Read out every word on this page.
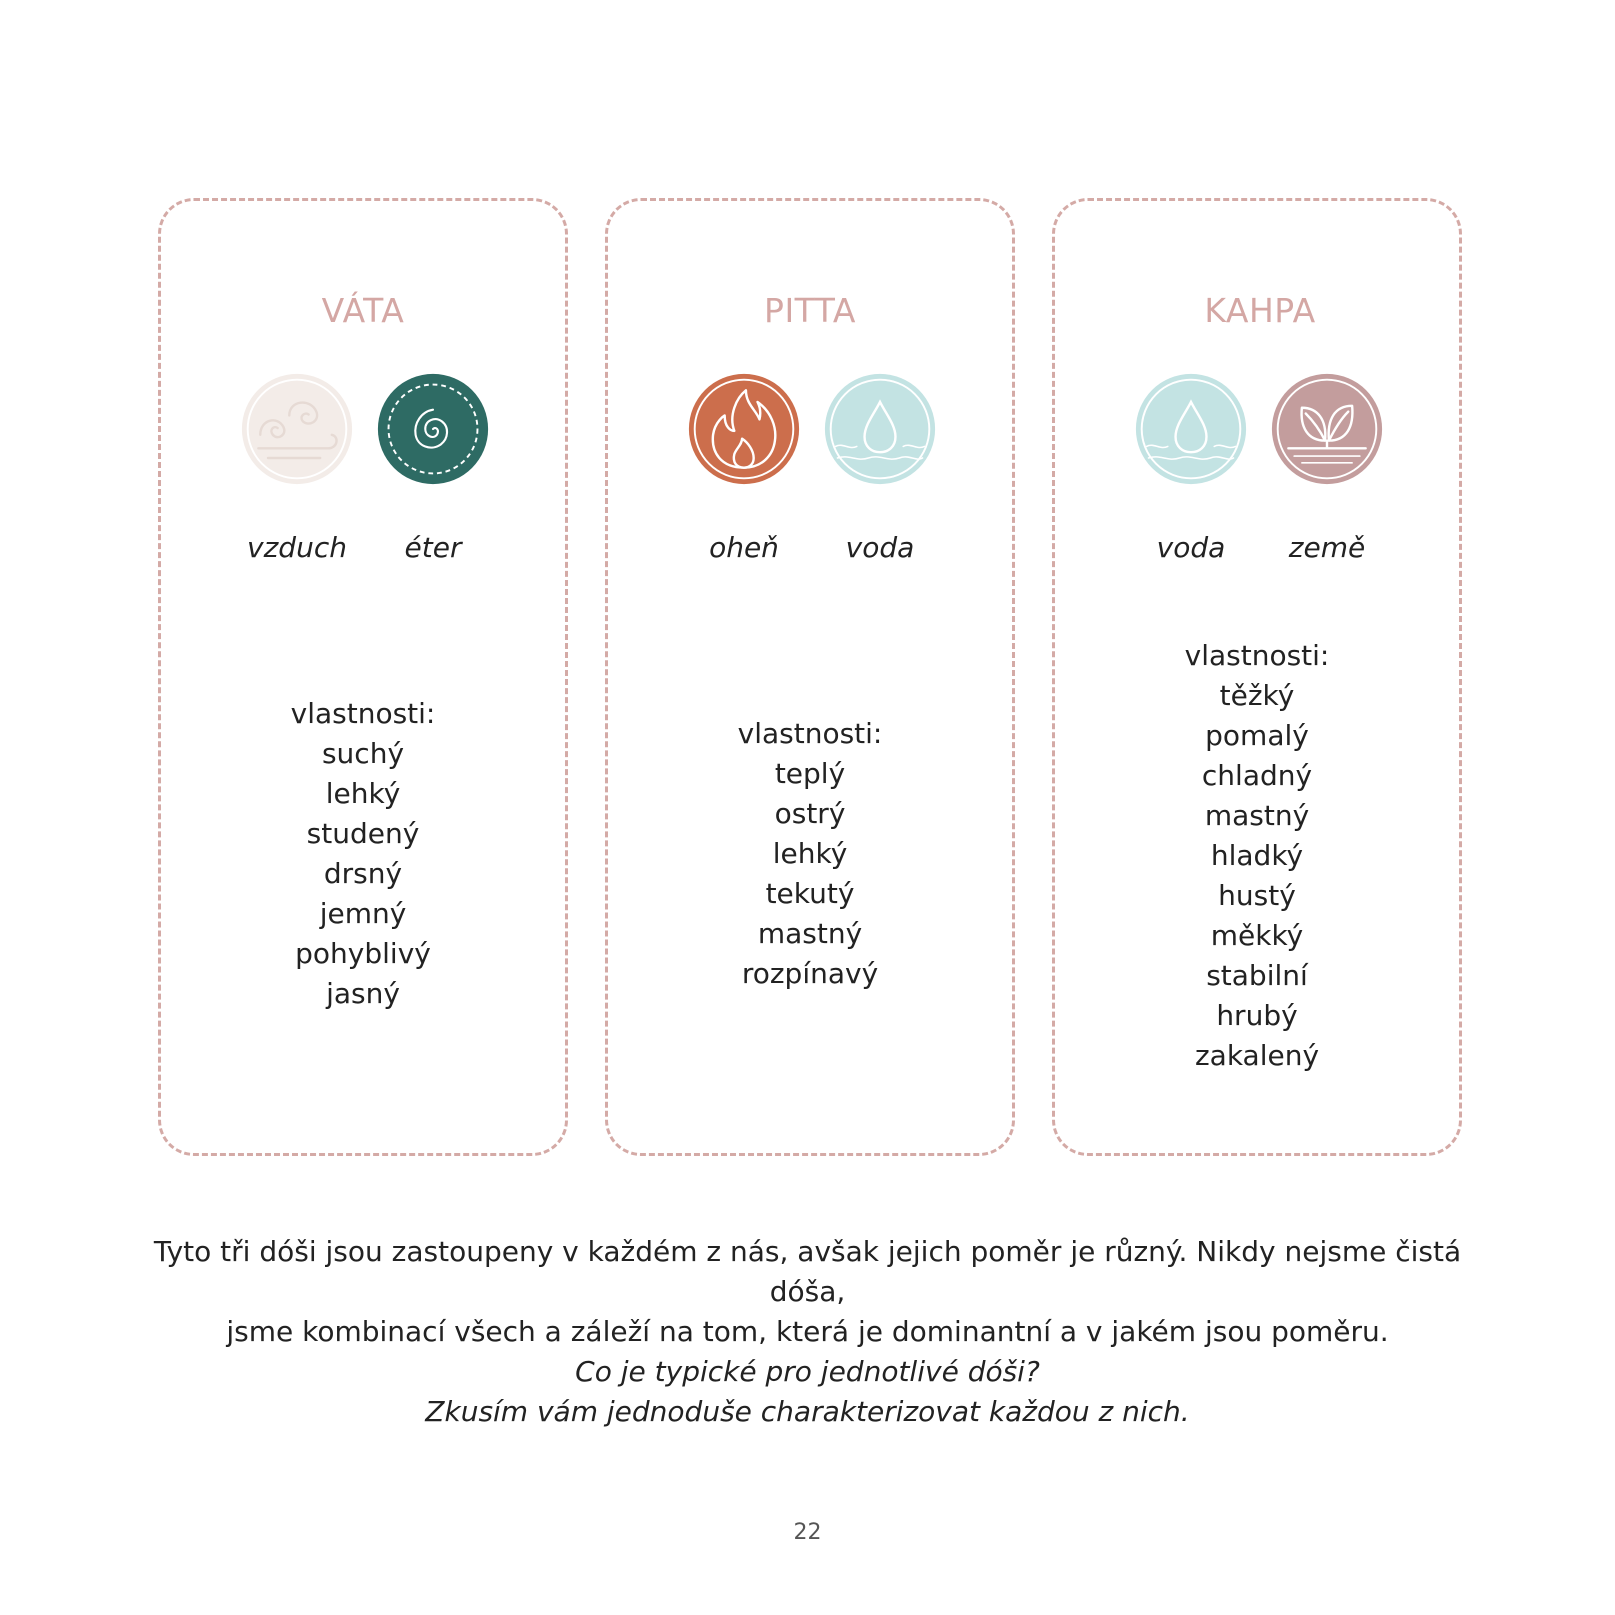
VÁTA
vzduch	éter
vlastnosti:
suchý
lehký
studený
drsný
jemný
pohyblivý
jasný
PITTA
oheň	voda
vlastnosti:
teplý
ostrý
lehký
tekutý
mastný
rozpínavý
KAHPA
voda	země
vlastnosti:
těžký
pomalý
chladný
mastný
hladký
hustý
měkký
stabilní
hrubý
zakalený

Tyto tři dóši jsou zastoupeny v každém z nás, avšak jejich poměr je různý. Nikdy nejsme čistá dóša,

jsme kombinací všech a záleží na tom, která je dominantní a v jakém jsou poměru.

Co je typické pro jednotlivé dóši?

Zkusím vám jednoduše charakterizovat každou z nich.

22
